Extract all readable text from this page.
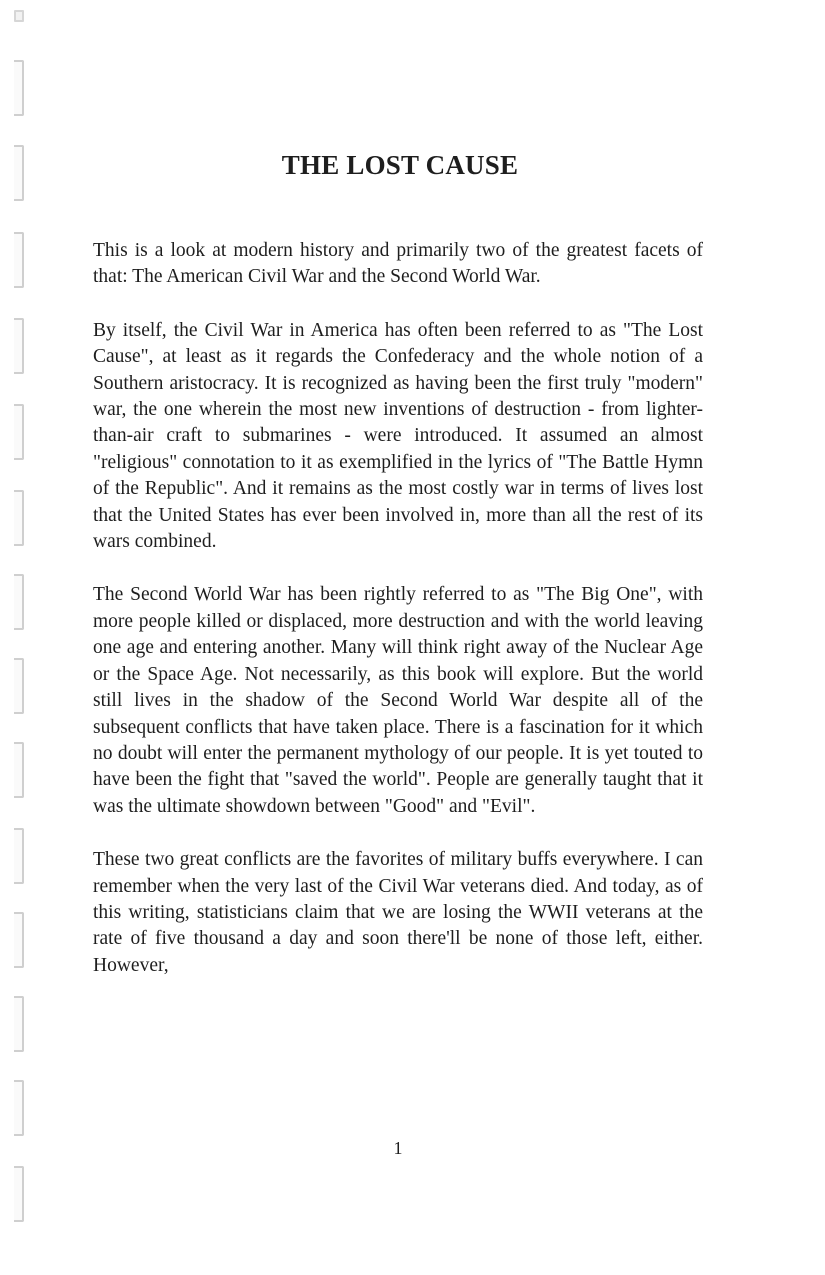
THE LOST CAUSE

This is a look at modern history and primarily two of the greatest facets of that: The American Civil War and the Second World War.

By itself, the Civil War in America has often been referred to as "The Lost Cause", at least as it regards the Confederacy and the whole notion of a Southern aristocracy. It is recognized as having been the first truly "modern" war, the one wherein the most new inventions of destruction - from lighter-than-air craft to submarines - were introduced. It assumed an almost "religious" connotation to it as exemplified in the lyrics of "The Battle Hymn of the Republic". And it remains as the most costly war in terms of lives lost that the United States has ever been involved in, more than all the rest of its wars combined.

The Second World War has been rightly referred to as "The Big One", with more people killed or displaced, more destruction and with the world leaving one age and entering another. Many will think right away of the Nuclear Age or the Space Age. Not necessarily, as this book will explore. But the world still lives in the shadow of the Second World War despite all of the subsequent conflicts that have taken place. There is a fascination for it which no doubt will enter the permanent mythology of our people. It is yet touted to have been the fight that "saved the world". People are generally taught that it was the ultimate showdown between "Good" and "Evil".

These two great conflicts are the favorites of military buffs everywhere. I can remember when the very last of the Civil War veterans died. And today, as of this writing, statisticians claim that we are losing the WWII veterans at the rate of five thousand a day and soon there'll be none of those left, either. However,

1
